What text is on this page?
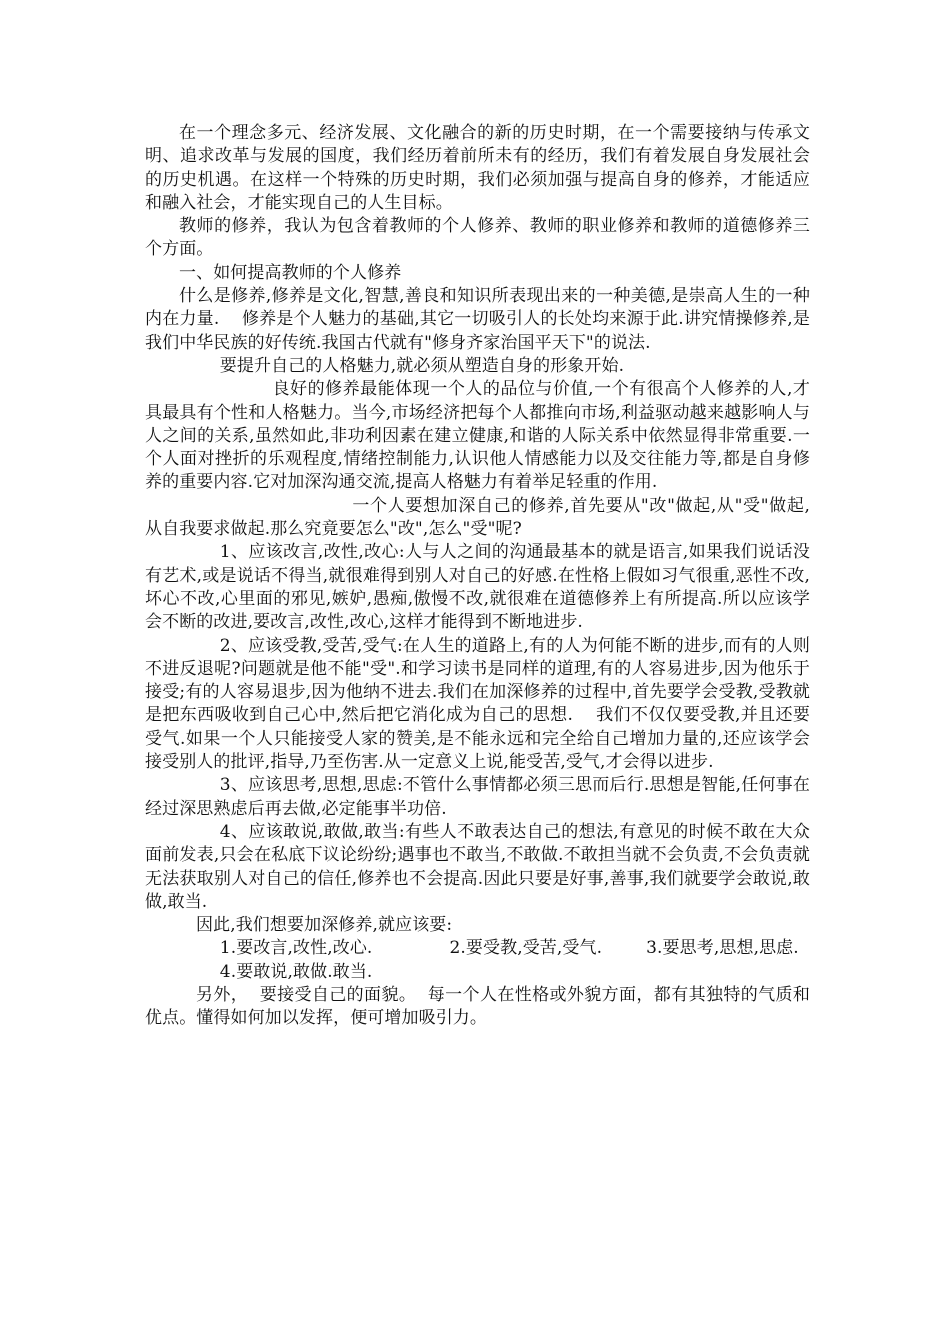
在一个理念多元、经济发展、文化融合的新的历史时期，在一个需要接纳与传承文明、追求改革与发展的国度，我们经历着前所未有的经历，我们有着发展自身发展社会的历史机遇。在这样一个特殊的历史时期，我们必须加强与提高自身的修养，才能适应和融入社会，才能实现自己的人生目标。

教师的修养，我认为包含着教师的个人修养、教师的职业修养和教师的道德修养三个方面。

一、如何提高教师的个人修养

什么是修养,修养是文化,智慧,善良和知识所表现出来的一种美德,是崇高人生的一种内在力量.    修养是个人魅力的基础,其它一切吸引人的长处均来源于此.讲究情操修养,是我们中华民族的好传统.我国古代就有"修身齐家治国平天下"的说法.

要提升自己的人格魅力,就必须从塑造自身的形象开始.

良好的修养最能体现一个人的品位与价值,一个有很高个人修养的人,才具最具有个性和人格魅力。当今,市场经济把每个人都推向市场,利益驱动越来越影响人与人之间的关系,虽然如此,非功利因素在建立健康,和谐的人际关系中依然显得非常重要.一个人面对挫折的乐观程度,情绪控制能力,认识他人情感能力以及交往能力等,都是自身修养的重要内容.它对加深沟通交流,提高人格魅力有着举足轻重的作用.

一个人要想加深自己的修养,首先要从"改"做起,从"受"做起,从自我要求做起.那么究竟要怎么"改",怎么"受"呢?

1、应该改言,改性,改心:人与人之间的沟通最基本的就是语言,如果我们说话没有艺术,或是说话不得当,就很难得到别人对自己的好感.在性格上假如习气很重,恶性不改,坏心不改,心里面的邪见,嫉妒,愚痴,傲慢不改,就很难在道德修养上有所提高.所以应该学会不断的改进,要改言,改性,改心,这样才能得到不断地进步.

2、应该受教,受苦,受气:在人生的道路上,有的人为何能不断的进步,而有的人则不进反退呢?问题就是他不能"受".和学习读书是同样的道理,有的人容易进步,因为他乐于接受;有的人容易退步,因为他纳不进去.我们在加深修养的过程中,首先要学会受教,受教就是把东西吸收到自己心中,然后把它消化成为自己的思想.    我们不仅仅要受教,并且还要受气.如果一个人只能接受人家的赞美,是不能永远和完全给自己增加力量的,还应该学会接受别人的批评,指导,乃至伤害.从一定意义上说,能受苦,受气,才会得以进步.

3、应该思考,思想,思虑:不管什么事情都必须三思而后行.思想是智能,任何事在经过深思熟虑后再去做,必定能事半功倍.

4、应该敢说,敢做,敢当:有些人不敢表达自己的想法,有意见的时候不敢在大众面前发表,只会在私底下议论纷纷;遇事也不敢当,不敢做.不敢担当就不会负责,不会负责就无法获取别人对自己的信任,修养也不会提高.因此只要是好事,善事,我们就要学会敢说,敢做,敢当.

因此,我们想要加深修养,就应该要:

1.要改言,改性,改心.              2.要受教,受苦,受气.        3.要思考,思想,思虑.

4.要敢说,敢做.敢当.

另外，  要接受自己的面貌。  每一个人在性格或外貌方面，都有其独特的气质和优点。懂得如何加以发挥，便可增加吸引力。
